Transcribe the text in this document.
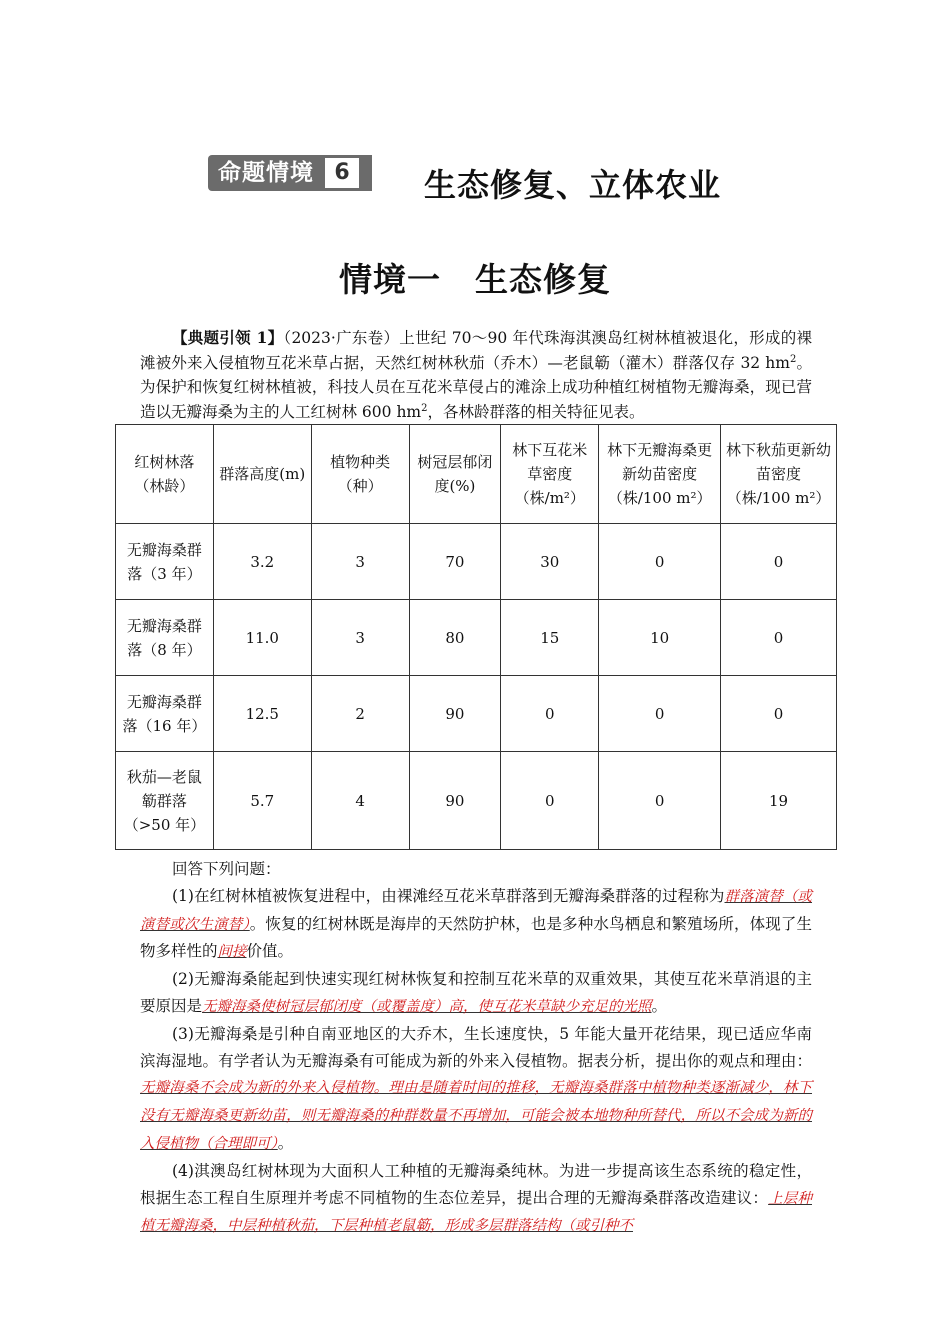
命题情境 6	生态修复、立体农业
情境一　生态修复
【典题引领 1】（2023·广东卷）上世纪 70～90 年代珠海淇澳岛红树林植被退化，形成的裸滩被外来入侵植物互花米草占据，天然红树林秋茄（乔木）—老鼠簕（灌木）群落仅存 32 $hm^2$。为保护和恢复红树林植被，科技人员在互花米草侵占的滩涂上成功种植红树植物无瓣海桑，现已营造以无瓣海桑为主的人工红树林 600 $hm^2$，各林龄群落的相关特征见表。
红树林落（林龄）	群落高度(m)	植物种类（种）	树冠层郁闭度(%)	林下互花米草密度（株/m²）	林下无瓣海桑更新幼苗密度（株/100 m²）	林下秋茄更新幼苗密度（株/100 m²）
无瓣海桑群落（3 年）	3.2	3	70	30	0	0
无瓣海桑群落（8 年）	11.0	3	80	15	10	0
无瓣海桑群落（16 年）	12.5	2	90	0	0	0
秋茄—老鼠簕群落（>50 年）	5.7	4	90	0	0	19

回答下列问题：

(1)在红树林植被恢复进程中，由裸滩经互花米草群落到无瓣海桑群落的过程称为群落演替（或演替或次生演替）。恢复的红树林既是海岸的天然防护林，也是多种水鸟栖息和繁殖场所，体现了生物多样性的间接价值。

(2)无瓣海桑能起到快速实现红树林恢复和控制互花米草的双重效果，其使互花米草消退的主要原因是无瓣海桑使树冠层郁闭度（或覆盖度）高，使互花米草缺少充足的光照。

(3)无瓣海桑是引种自南亚地区的大乔木，生长速度快，5 年能大量开花结果，现已适应华南滨海湿地。有学者认为无瓣海桑有可能成为新的外来入侵植物。据表分析，提出你的观点和理由：无瓣海桑不会成为新的外来入侵植物。理由是随着时间的推移，无瓣海桑群落中植物种类逐渐减少，林下没有无瓣海桑更新幼苗，则无瓣海桑的种群数量不再增加，可能会被本地物种所替代，所以不会成为新的入侵植物（合理即可）。

(4)淇澳岛红树林现为大面积人工种植的无瓣海桑纯林。为进一步提高该生态系统的稳定性，根据生态工程自生原理并考虑不同植物的生态位差异，提出合理的无瓣海桑群落改造建议：上层种植无瓣海桑，中层种植秋茄，下层种植老鼠簕，形成多层群落结构（或引种不
